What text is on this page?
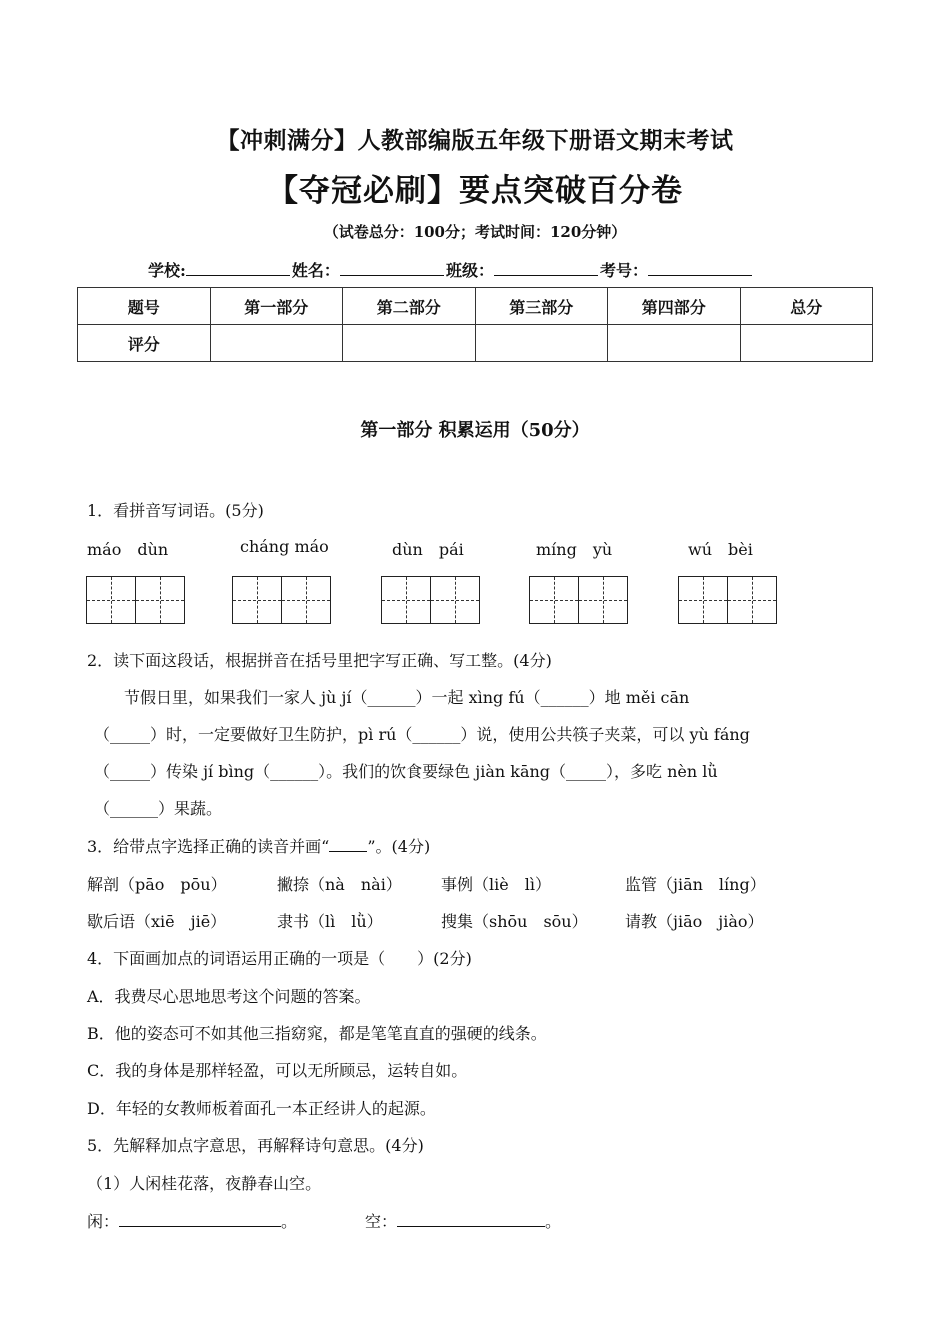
【冲刺满分】人教部编版五年级下册语文期末考试
【夺冠必刷】要点突破百分卷
（试卷总分：100分；考试时间：120分钟）
学校:	姓名：	班级：	考号：
题号	第一部分	第二部分	第三部分	第四部分	总分
评分					
第一部分 积累运用（50分）
1．看拼音写词语。(5分)
máo　dùn	cháng máo	dùn　pái	míng　yù	wú　bèi
2．读下面这段话，根据拼音在括号里把字写正确、写工整。(4分)
节假日里，如果我们一家人 jù jí（______）一起 xìng fú（______）地 měi cān
（_____）时，一定要做好卫生防护，pì rú（______）说，使用公共筷子夹菜，可以 yù fáng
（_____）传染 jí bìng（______）。我们的饮食要绿色 jiàn kāng（_____），多吃 nèn lǜ
（______）果蔬。
3．给带点字选择正确的读音并画“ ”。(4分)
解剖（pāo　pōu）	撇捺（nà　nài） 事例（liè　lì）	监管（jiān　líng）
歇后语（xiē　jiē）	隶书（lì　lǜ）	搜集（shōu　sōu） 请教（jiāo　jiào）
4．下面画加点的词语运用正确的一项是（　　）(2分)
A．我费尽心思地思考这个问题的答案。
B．他的姿态可不如其他三指窈窕，都是笔笔直直的强硬的线条。
C．我的身体是那样轻盈，可以无所顾忌，运转自如。
D．年轻的女教师板着面孔一本正经讲人的起源。
5．先解释加点字意思，再解释诗句意思。(4分)
（1）人闲桂花落，夜静春山空。
闲：	。	空：	。
